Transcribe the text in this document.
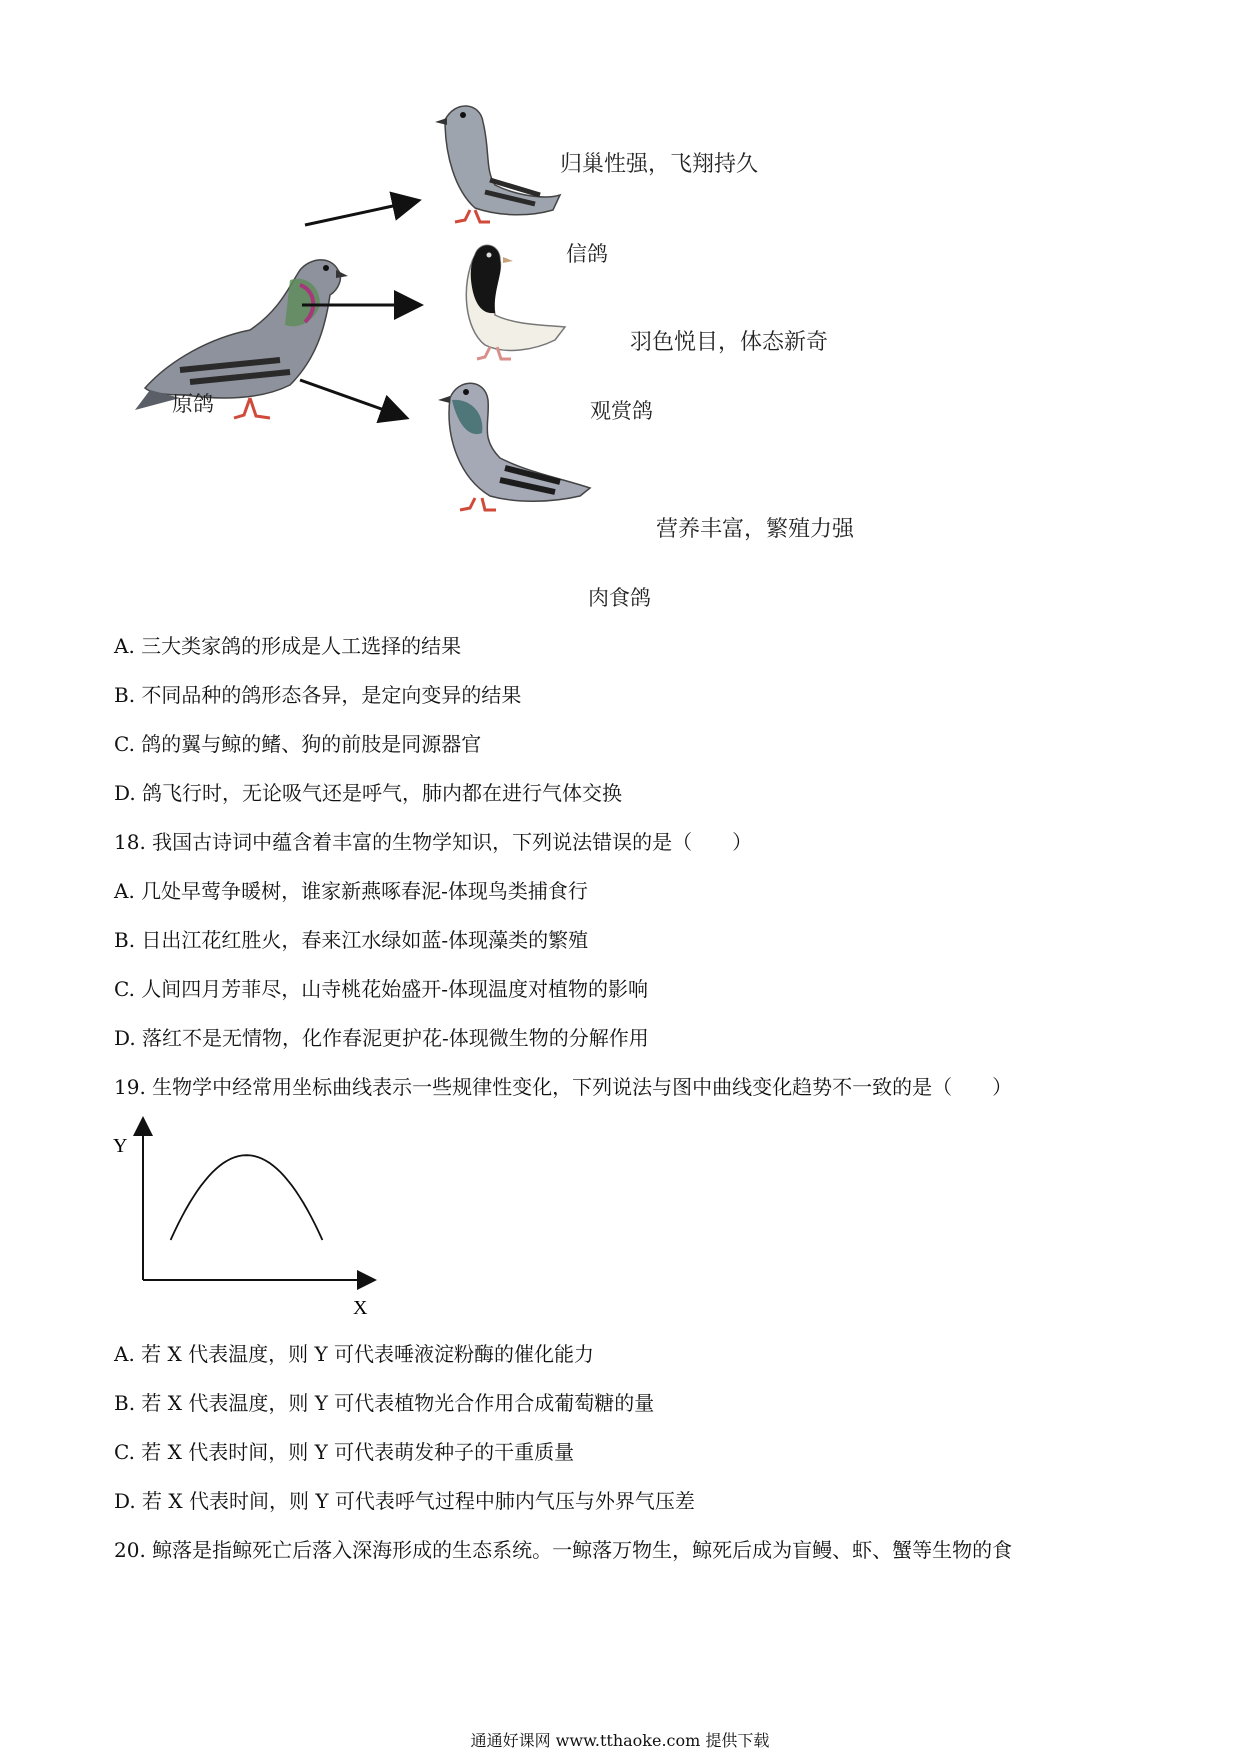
原鸽
归巢性强，飞翔持久
信鸽
羽色悦目，体态新奇
观赏鸽
营养丰富，繁殖力强
肉食鸽
A. 三大类家鸽的形成是人工选择的结果
B. 不同品种的鸽形态各异，是定向变异的结果
C. 鸽的翼与鲸的鳍、狗的前肢是同源器官
D. 鸽飞行时，无论吸气还是呼气，肺内都在进行气体交换
18. 我国古诗词中蕴含着丰富的生物学知识，下列说法错误的是（　　）
A. 几处早莺争暖树，谁家新燕啄春泥-体现鸟类捕食行
B. 日出江花红胜火，春来江水绿如蓝-体现藻类的繁殖
C. 人间四月芳菲尽，山寺桃花始盛开-体现温度对植物的影响
D. 落红不是无情物，化作春泥更护花-体现微生物的分解作用
19. 生物学中经常用坐标曲线表示一些规律性变化，下列说法与图中曲线变化趋势不一致的是（　　）
Y
X
A. 若 X 代表温度，则 Y 可代表唾液淀粉酶的催化能力
B. 若 X 代表温度，则 Y 可代表植物光合作用合成葡萄糖的量
C. 若 X 代表时间，则 Y 可代表萌发种子的干重质量
D. 若 X 代表时间，则 Y 可代表呼气过程中肺内气压与外界气压差
20. 鲸落是指鲸死亡后落入深海形成的生态系统。一鲸落万物生，鲸死后成为盲鳗、虾、蟹等生物的食
通通好课网 www.tthaoke.com 提供下载
